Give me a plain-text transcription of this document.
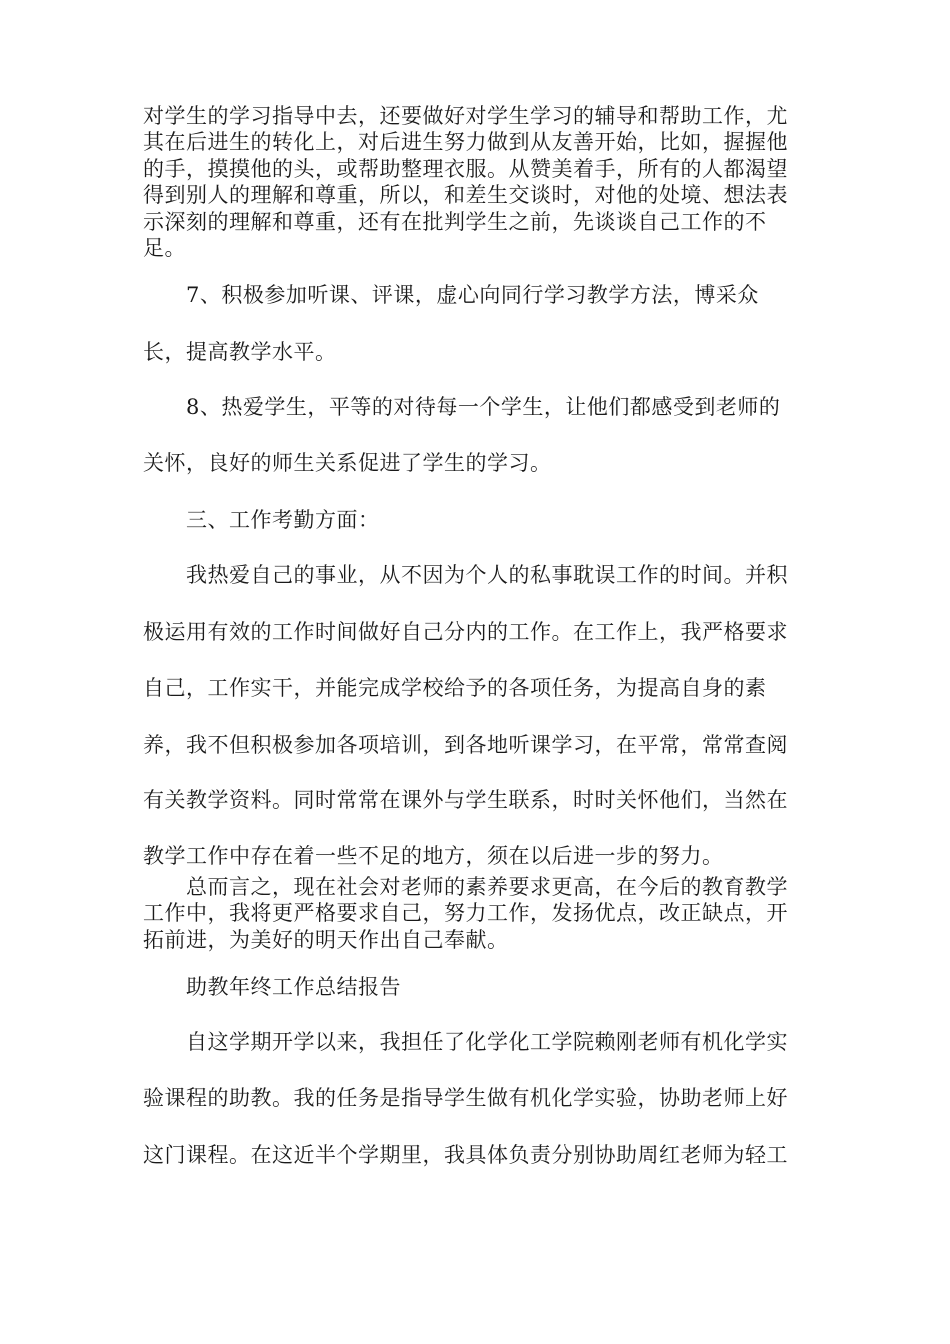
对学生的学习指导中去，还要做好对学生学习的辅导和帮助工作，尤
其在后进生的转化上，对后进生努力做到从友善开始，比如，握握他
的手，摸摸他的头，或帮助整理衣服。从赞美着手，所有的人都渴望
得到别人的理解和尊重，所以，和差生交谈时，对他的处境、想法表
示深刻的理解和尊重，还有在批判学生之前，先谈谈自己工作的不
足。
7、积极参加听课、评课，虚心向同行学习教学方法，博采众
长，提高教学水平。
8、热爱学生，平等的对待每一个学生，让他们都感受到老师的
关怀，良好的师生关系促进了学生的学习。
三、工作考勤方面：
我热爱自己的事业，从不因为个人的私事耽误工作的时间。并积
极运用有效的工作时间做好自己分内的工作。在工作上，我严格要求
自己，工作实干，并能完成学校给予的各项任务，为提高自身的素
养，我不但积极参加各项培训，到各地听课学习，在平常，常常查阅
有关教学资料。同时常常在课外与学生联系，时时关怀他们，当然在
教学工作中存在着一些不足的地方，须在以后进一步的努力。
总而言之，现在社会对老师的素养要求更高，在今后的教育教学
工作中，我将更严格要求自己，努力工作，发扬优点，改正缺点，开
拓前进，为美好的明天作出自己奉献。
助教年终工作总结报告
自这学期开学以来，我担任了化学化工学院赖刚老师有机化学实
验课程的助教。我的任务是指导学生做有机化学实验，协助老师上好
这门课程。在这近半个学期里，我具体负责分别协助周红老师为轻工
